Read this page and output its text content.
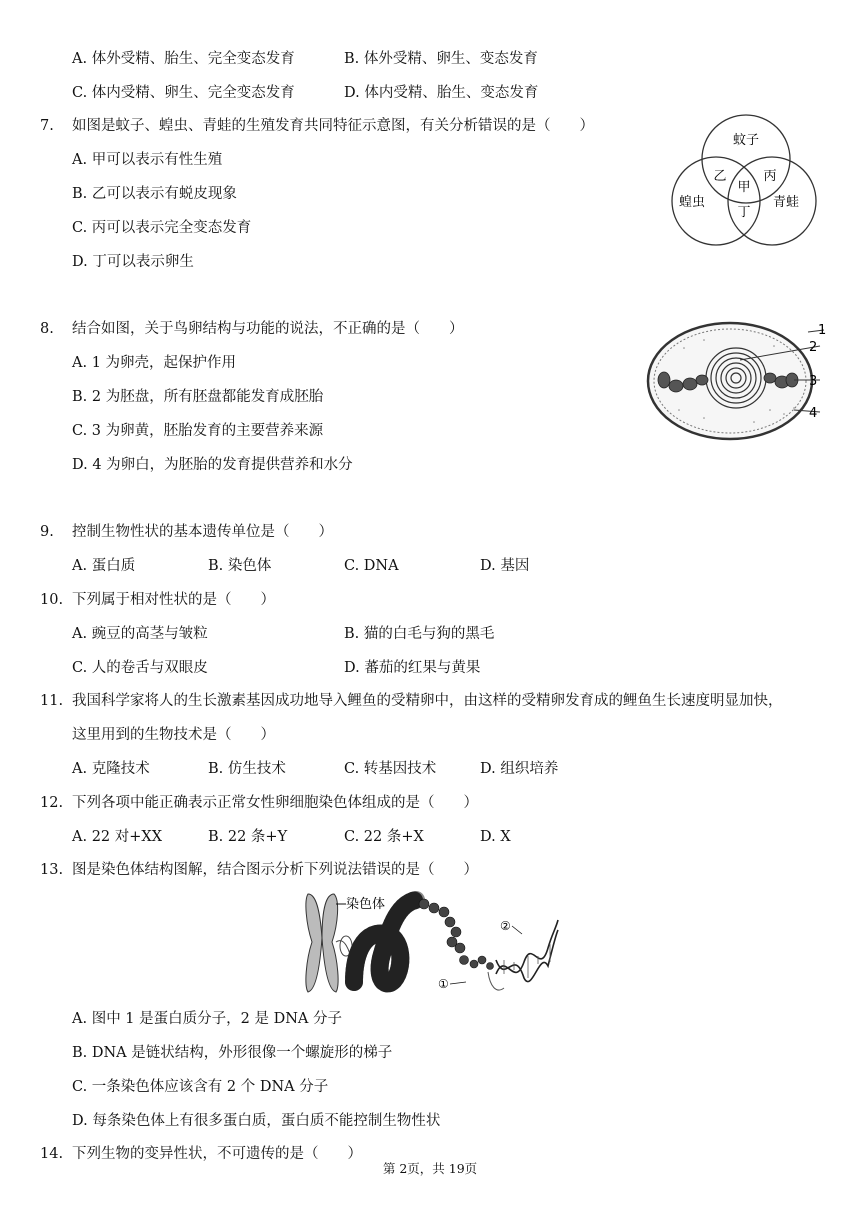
A. 体外受精、胎生、完全变态发育	B. 体外受精、卵生、变态发育
C. 体内受精、卵生、完全变态发育	D. 体内受精、胎生、变态发育
7. 如图是蚊子、蝗虫、青蛙的生殖发育共同特征示意图，有关分析错误的是（　　）
A. 甲可以表示有性生殖
B. 乙可以表示有蜕皮现象
C. 丙可以表示完全变态发育
D. 丁可以表示卵生
蚊子
蝗虫	青蛙
乙
甲
丙
丁
8. 结合如图，关于鸟卵结构与功能的说法，不正确的是（　　）
A. 1 为卵壳，起保护作用
B. 2 为胚盘，所有胚盘都能发育成胚胎
C. 3 为卵黄，胚胎发育的主要营养来源
D. 4 为卵白，为胚胎的发育提供营养和水分
1
2
3
4
9. 控制生物性状的基本遗传单位是（　　）
A. 蛋白质	B. 染色体	C. DNA	D. 基因
10. 下列属于相对性状的是（　　）
A. 豌豆的高茎与皱粒	B. 猫的白毛与狗的黑毛
C. 人的卷舌与双眼皮	D. 蕃茄的红果与黄果
11. 我国科学家将人的生长激素基因成功地导入鲤鱼的受精卵中，由这样的受精卵发育成的鲤鱼生长速度明显加快，
这里用到的生物技术是（　　）
A. 克隆技术	B. 仿生技术	C. 转基因技术	D. 组织培养
12. 下列各项中能正确表示正常女性卵细胞染色体组成的是（　　）
A. 22 对+XX	B. 22 条+Y	C. 22 条+X	D. X
13. 图是染色体结构图解，结合图示分析下列说法错误的是（　　）
染色体
②
①
A. 图中 1 是蛋白质分子，2 是 DNA 分子
B. DNA 是链状结构，外形很像一个螺旋形的梯子
C. 一条染色体应该含有 2 个 DNA 分子
D. 每条染色体上有很多蛋白质，蛋白质不能控制生物性状
14. 下列生物的变异性状，不可遗传的是（　　）
第 2页，共 19页
